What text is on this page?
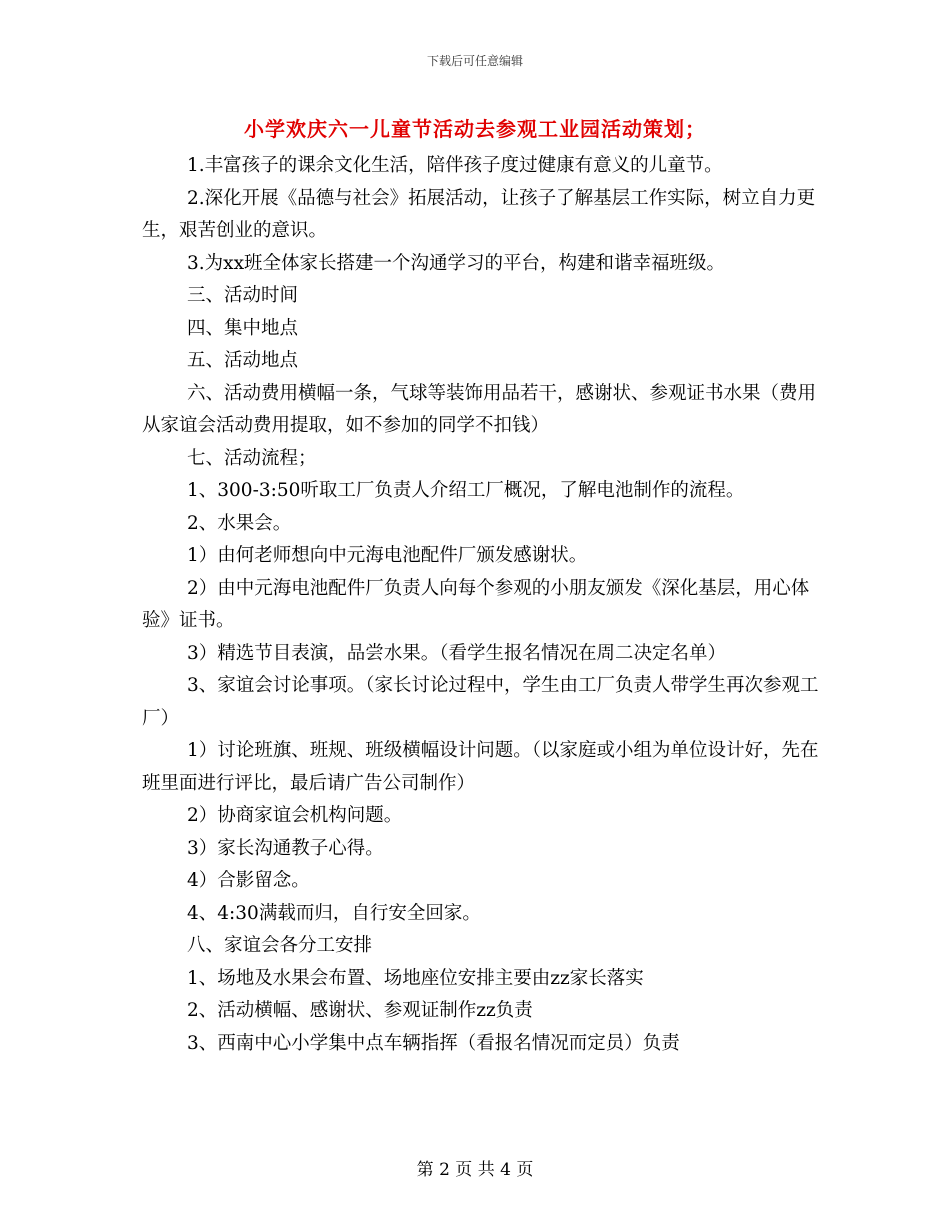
下载后可任意编辑
小学欢庆六一儿童节活动去参观工业园活动策划；

1.丰富孩子的课余文化生活，陪伴孩子度过健康有意义的儿童节。

2.深化开展《品德与社会》拓展活动，让孩子了解基层工作实际，树立自力更生，艰苦创业的意识。

3.为xx班全体家长搭建一个沟通学习的平台，构建和谐幸福班级。

三、活动时间

四、集中地点

五、活动地点

六、活动费用横幅一条，气球等装饰用品若干，感谢状、参观证书水果（费用从家谊会活动费用提取，如不参加的同学不扣钱）

七、活动流程；

1、300-3:50听取工厂负责人介绍工厂概况，了解电池制作的流程。

2、水果会。

1）由何老师想向中元海电池配件厂颁发感谢状。

2）由中元海电池配件厂负责人向每个参观的小朋友颁发《深化基层，用心体验》证书。

3）精选节目表演，品尝水果。（看学生报名情况在周二决定名单）

3、家谊会讨论事项。（家长讨论过程中，学生由工厂负责人带学生再次参观工厂）

1）讨论班旗、班规、班级横幅设计问题。（以家庭或小组为单位设计好，先在班里面进行评比，最后请广告公司制作）

2）协商家谊会机构问题。

3）家长沟通教子心得。

4）合影留念。

4、4:30满载而归，自行安全回家。

八、家谊会各分工安排

1、场地及水果会布置、场地座位安排主要由zz家长落实

2、活动横幅、感谢状、参观证制作zz负责

3、西南中心小学集中点车辆指挥（看报名情况而定员）负责

第 2 页 共 4 页
